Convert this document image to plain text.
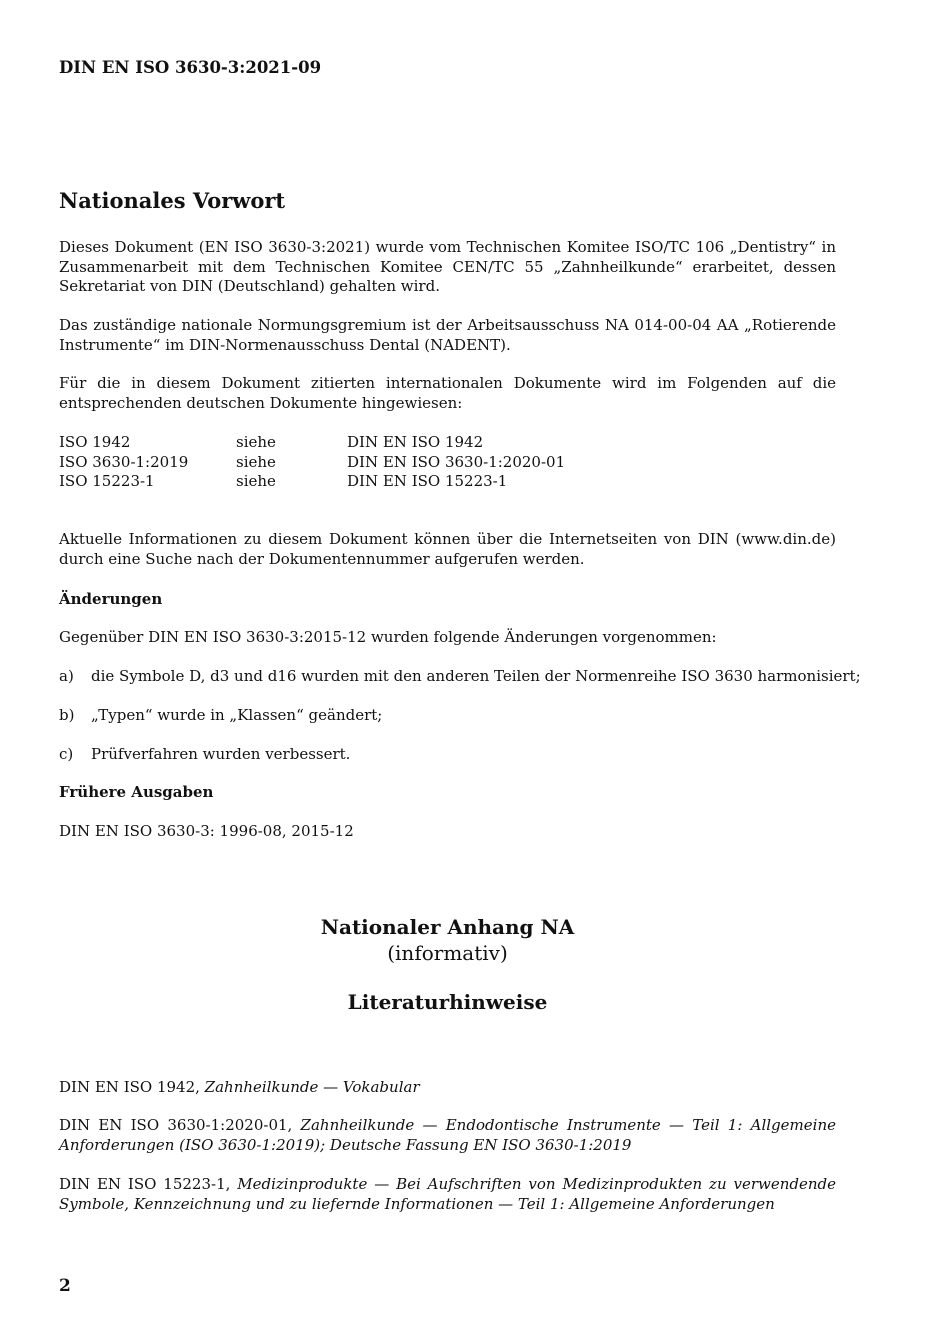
DIN EN ISO 3630-3:2021-09
Nationales Vorwort

Dieses Dokument (EN ISO 3630-3:2021) wurde vom Technischen Komitee ISO/TC 106 „Dentistry“ in Zusammenarbeit mit dem Technischen Komitee CEN/TC 55 „Zahnheilkunde“ erarbeitet, dessen Sekretariat von DIN (Deutschland) gehalten wird.

Das zuständige nationale Normungsgremium ist der Arbeitsausschuss NA 014-00-04 AA „Rotierende Instrumente“ im DIN-Normenausschuss Dental (NADENT).

Für die in diesem Dokument zitierten internationalen Dokumente wird im Folgenden auf die entsprechenden deutschen Dokumente hingewiesen:

ISO 1942	siehe	DIN EN ISO 1942
ISO 3630-1:2019	siehe	DIN EN ISO 3630-1:2020-01
ISO 15223-1	siehe	DIN EN ISO 15223-1

Aktuelle Informationen zu diesem Dokument können über die Internetseiten von DIN (www.din.de) durch eine Suche nach der Dokumentennummer aufgerufen werden.

Änderungen

Gegenüber DIN EN ISO 3630-3:2015-12 wurden folgende Änderungen vorgenommen:

a) die Symbole D, d3 und d16 wurden mit den anderen Teilen der Normenreihe ISO 3630 harmonisiert;
b) „Typen“ wurde in „Klassen“ geändert;
c) Prüfverfahren wurden verbessert.
Frühere Ausgaben

DIN EN ISO 3630-3: 1996-08, 2015-12

Nationaler Anhang NA
(informativ)
Literaturhinweise

DIN EN ISO 1942, Zahnheilkunde — Vokabular

DIN EN ISO 3630-1:2020-01, Zahnheilkunde — Endodontische Instrumente — Teil 1: Allgemeine Anforderungen (ISO 3630-1:2019); Deutsche Fassung EN ISO 3630-1:2019

DIN EN ISO 15223-1, Medizinprodukte — Bei Aufschriften von Medizinprodukten zu verwendende Symbole, Kennzeichnung und zu liefernde Informationen — Teil 1: Allgemeine Anforderungen

2
